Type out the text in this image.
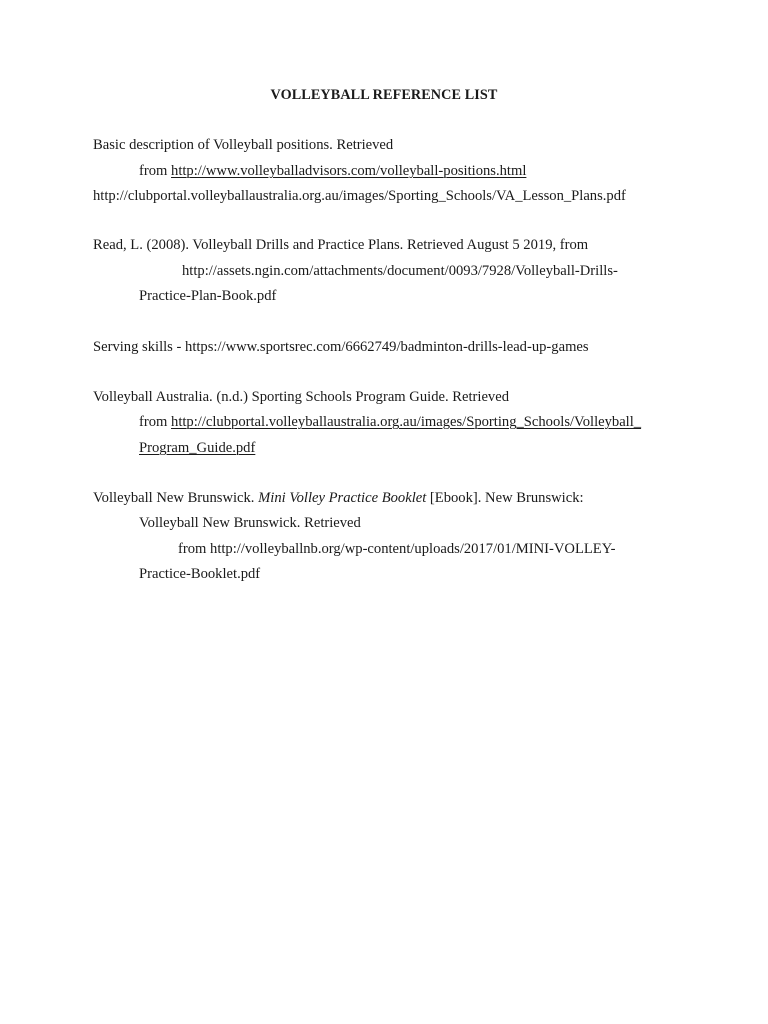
VOLLEYBALL REFERENCE LIST
Basic description of Volleyball positions. Retrieved
from http://www.volleyballadvisors.com/volleyball-positions.html
http://clubportal.volleyballaustralia.org.au/images/Sporting_Schools/VA_Lesson_Plans.pdf
Read, L. (2008). Volleyball Drills and Practice Plans. Retrieved August 5 2019, from
http://assets.ngin.com/attachments/document/0093/7928/Volleyball-Drills-
Practice-Plan-Book.pdf
Serving skills - https://www.sportsrec.com/6662749/badminton-drills-lead-up-games
Volleyball Australia. (n.d.) Sporting Schools Program Guide. Retrieved
from http://clubportal.volleyballaustralia.org.au/images/Sporting_Schools/Volleyball_
Program_Guide.pdf
Volleyball New Brunswick. Mini Volley Practice Booklet [Ebook]. New Brunswick:
Volleyball New Brunswick. Retrieved
from http://volleyballnb.org/wp-content/uploads/2017/01/MINI-VOLLEY-
Practice-Booklet.pdf
